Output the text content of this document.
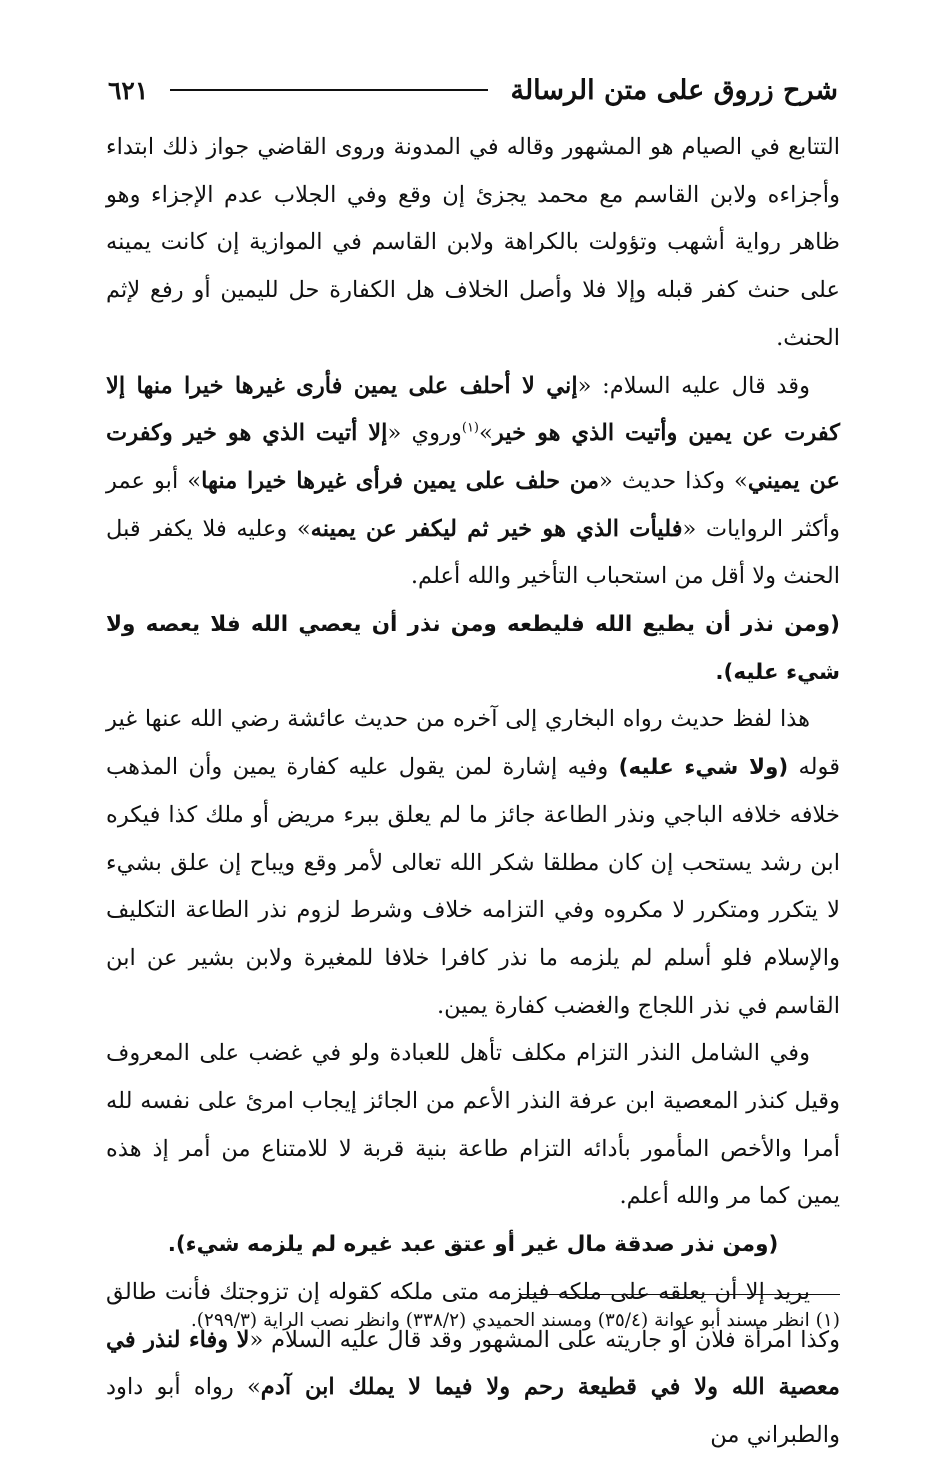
شرح زروق على متن الرسالة
٦٢١

التتابع في الصيام هو المشهور وقاله في المدونة وروى القاضي جواز ذلك ابتداء وأجزاءه ولابن القاسم مع محمد يجزئ إن وقع وفي الجلاب عدم الإجزاء وهو ظاهر رواية أشهب وتؤولت بالكراهة ولابن القاسم في الموازية إن كانت يمينه على حنث كفر قبله وإلا فلا وأصل الخلاف هل الكفارة حل لليمين أو رفع لإثم الحنث.

وقد قال عليه السلام: «إني لا أحلف على يمين فأرى غيرها خيرا منها إلا كفرت عن يمين وأتيت الذي هو خير»$^{(١)}$وروي «إلا أتيت الذي هو خير وكفرت عن يميني» وكذا حديث «من حلف على يمين فرأى غيرها خيرا منها» أبو عمر وأكثر الروايات «فليأت الذي هو خير ثم ليكفر عن يمينه» وعليه فلا يكفر قبل الحنث ولا أقل من استحباب التأخير والله أعلم.

(ومن نذر أن يطيع الله فليطعه ومن نذر أن يعصي الله فلا يعصه ولا شيء عليه).

هذا لفظ حديث رواه البخاري إلى آخره من حديث عائشة رضي الله عنها غير قوله (ولا شيء عليه) وفيه إشارة لمن يقول عليه كفارة يمين وأن المذهب خلافه خلافه الباجي ونذر الطاعة جائز ما لم يعلق ببرء مريض أو ملك كذا فيكره ابن رشد يستحب إن كان مطلقا شكر الله تعالى لأمر وقع ويباح إن علق بشيء لا يتكرر ومتكرر لا مكروه وفي التزامه خلاف وشرط لزوم نذر الطاعة التكليف والإسلام فلو أسلم لم يلزمه ما نذر كافرا خلافا للمغيرة ولابن بشير عن ابن القاسم في نذر اللجاج والغضب كفارة يمين.

وفي الشامل النذر التزام مكلف تأهل للعبادة ولو في غضب على المعروف وقيل كنذر المعصية ابن عرفة النذر الأعم من الجائز إيجاب امرئ على نفسه لله أمرا والأخص المأمور بأدائه التزام طاعة بنية قربة لا للامتناع من أمر إذ هذه يمين كما مر والله أعلم.

(ومن نذر صدقة مال غير أو عتق عبد غيره لم يلزمه شيء).

يريد إلا أن يعلقه على ملكه فيلزمه متى ملكه كقوله إن تزوجتك فأنت طالق وكذا امرأة فلان أو جاريته على المشهور وقد قال عليه السلام «لا وفاء لنذر في معصية الله ولا في قطيعة رحم ولا فيما لا يملك ابن آدم» رواه أبو داود والطبراني من

(١) انظر مسند أبو عوانة (٣٥/٤) ومسند الحميدي (٣٣٨/٢) وانظر نصب الراية (٢٩٩/٣).
